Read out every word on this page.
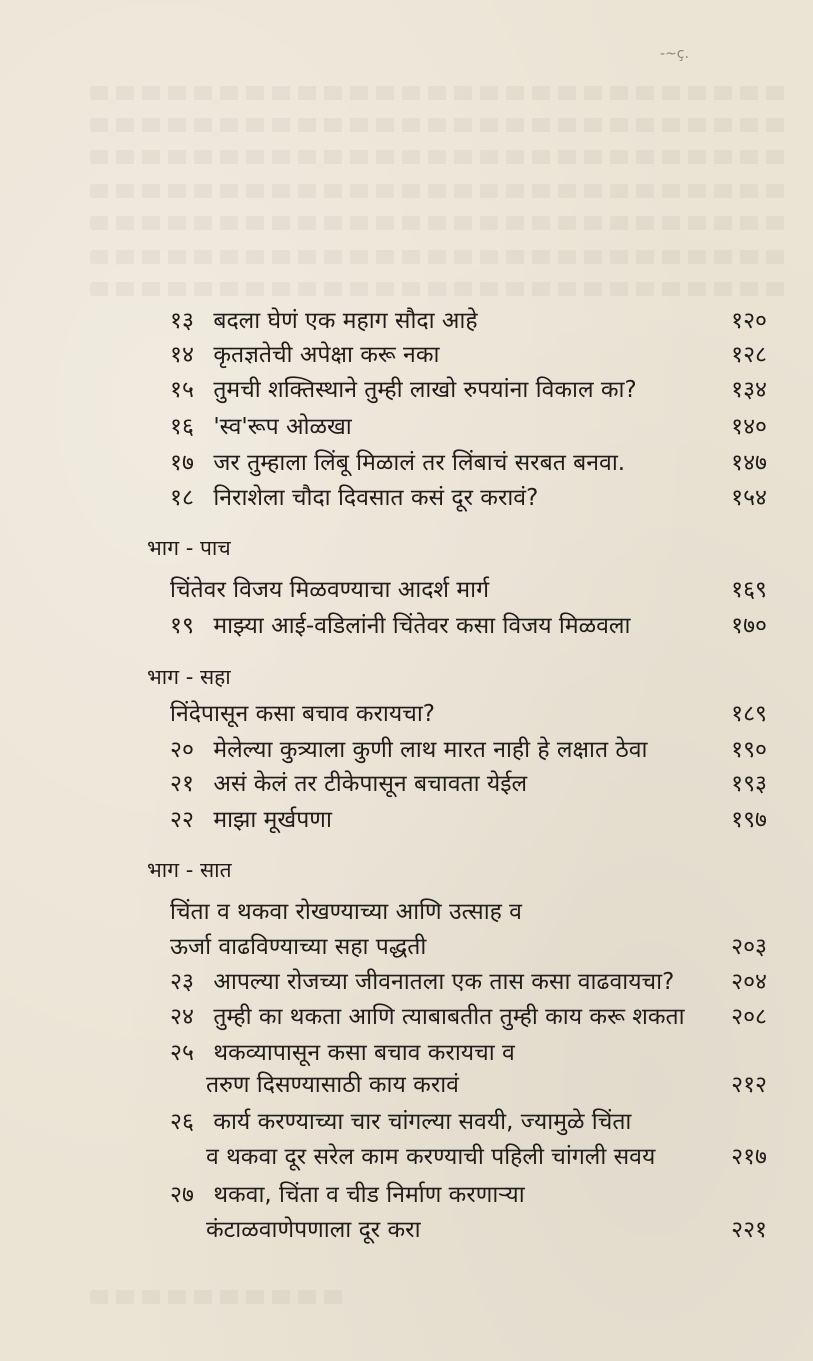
-~ç.
१३ बदला घेणं एक महाग सौदा आहे	१२०
१४ कृतज्ञतेची अपेक्षा करू नका	१२८
१५ तुमची शक्तिस्थाने तुम्ही लाखो रुपयांना विकाल का?	१३४
१६ 'स्व'रूप ओळखा	१४०
१७ जर तुम्हाला लिंबू मिळालं तर लिंबाचं सरबत बनवा.	१४७
१८ निराशेला चौदा दिवसात कसं दूर करावं?	१५४
भाग - पाच
चिंतेवर विजय मिळवण्याचा आदर्श मार्ग	१६९
१९ माझ्या आई-वडिलांनी चिंतेवर कसा विजय मिळवला	१७०
भाग - सहा
निंदेपासून कसा बचाव करायचा?	१८९
२० मेलेल्या कुत्र्याला कुणी लाथ मारत नाही हे लक्षात ठेवा	१९०
२१ असं केलं तर टीकेपासून बचावता येईल	१९३
२२ माझा मूर्खपणा	१९७
भाग - सात
चिंता व थकवा रोखण्याच्या आणि उत्साह व
ऊर्जा वाढविण्याच्या सहा पद्धती	२०३
२३ आपल्या रोजच्या जीवनातला एक तास कसा वाढवायचा?	२०४
२४ तुम्ही का थकता आणि त्याबाबतीत तुम्ही काय करू शकता	२०८
२५ थकव्यापासून कसा बचाव करायचा व
तरुण दिसण्यासाठी काय करावं	२१२
२६ कार्य करण्याच्या चार चांगल्या सवयी, ज्यामुळे चिंता
व थकवा दूर सरेल काम करण्याची पहिली चांगली सवय	२१७
२७ थकवा, चिंता व चीड निर्माण करणाऱ्या
कंटाळवाणेपणाला दूर करा	२२१
